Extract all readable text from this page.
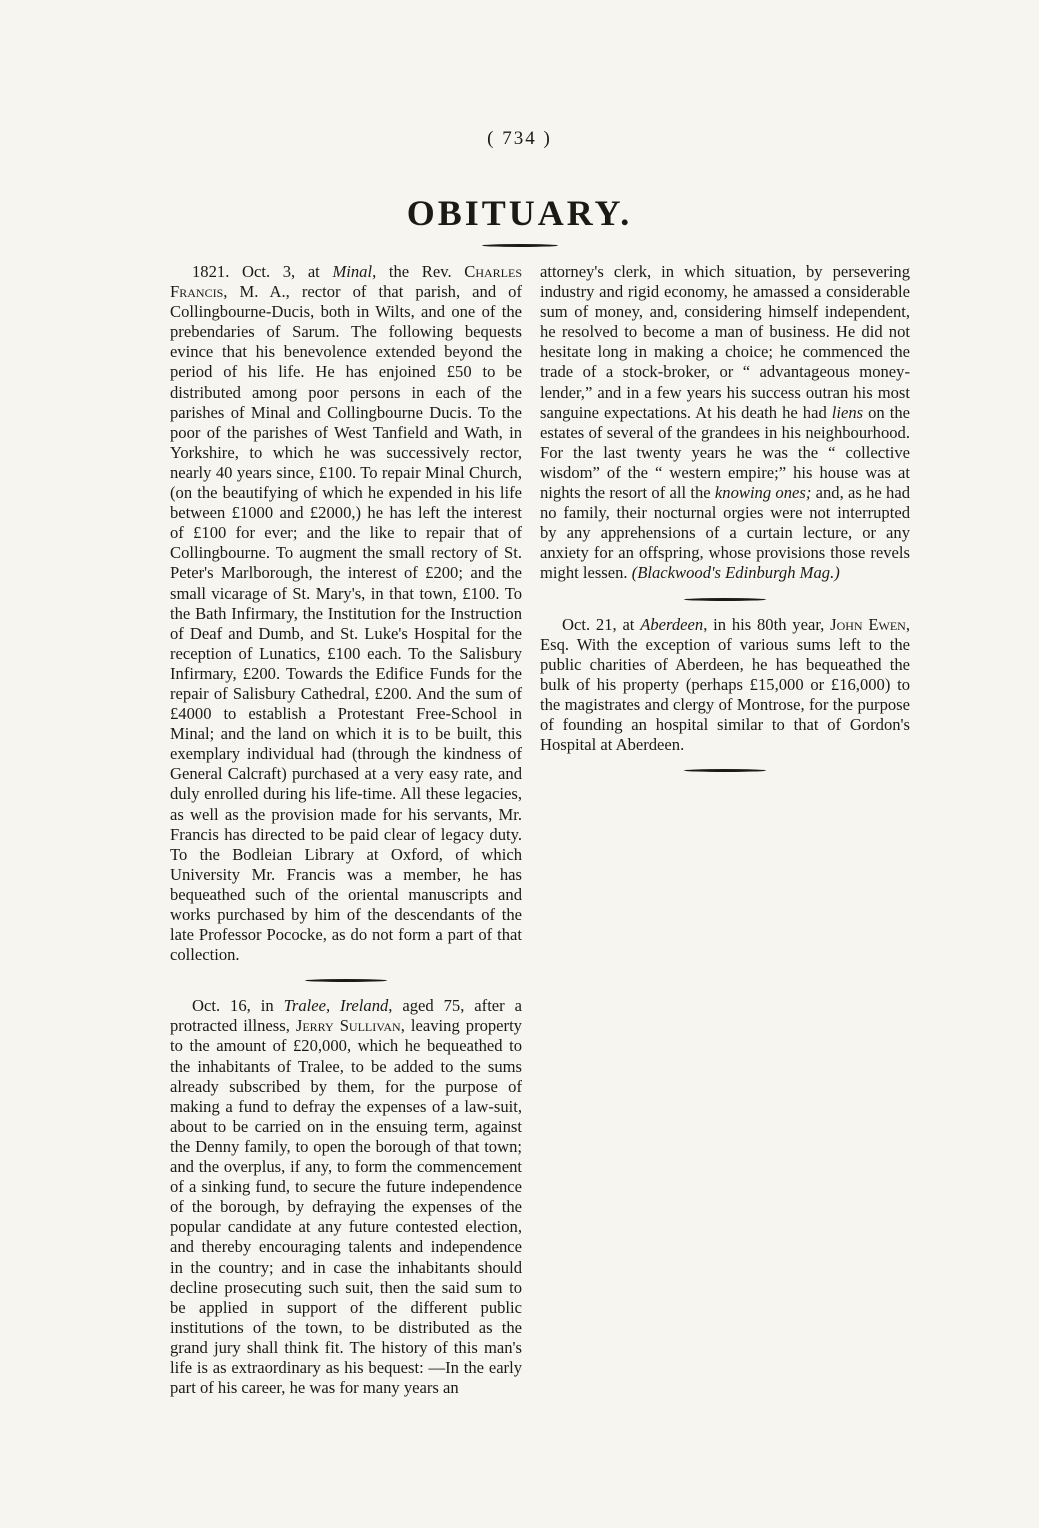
( 734 )
OBITUARY.

1821. Oct. 3, at Minal, the Rev. Charles Francis, M. A., rector of that parish, and of Collingbourne-Ducis, both in Wilts, and one of the prebendaries of Sarum. The following bequests evince that his benevolence extended beyond the period of his life. He has enjoined £50 to be distributed among poor persons in each of the parishes of Minal and Collingbourne Ducis. To the poor of the parishes of West Tanfield and Wath, in Yorkshire, to which he was successively rector, nearly 40 years since, £100. To repair Minal Church, (on the beautifying of which he expended in his life between £1000 and £2000,) he has left the interest of £100 for ever; and the like to repair that of Collingbourne. To augment the small rectory of St. Peter's Marlborough, the interest of £200; and the small vicarage of St. Mary's, in that town, £100. To the Bath Infirmary, the Institution for the Instruction of Deaf and Dumb, and St. Luke's Hospital for the reception of Lunatics, £100 each. To the Salisbury Infirmary, £200. Towards the Edifice Funds for the repair of Salisbury Cathedral, £200. And the sum of £4000 to establish a Protestant Free-School in Minal; and the land on which it is to be built, this exemplary individual had (through the kindness of General Calcraft) purchased at a very easy rate, and duly enrolled during his life-time. All these legacies, as well as the provision made for his servants, Mr. Francis has directed to be paid clear of legacy duty. To the Bodleian Library at Oxford, of which University Mr. Francis was a member, he has bequeathed such of the oriental manuscripts and works purchased by him of the descendants of the late Professor Pococke, as do not form a part of that collection.

Oct. 16, in Tralee, Ireland, aged 75, after a protracted illness, Jerry Sullivan, leaving property to the amount of £20,000, which he bequeathed to the inhabitants of Tralee, to be added to the sums already subscribed by them, for the purpose of making a fund to defray the expenses of a law-suit, about to be carried on in the ensuing term, against the Denny family, to open the borough of that town; and the overplus, if any, to form the commencement of a sinking fund, to secure the future independence of the borough, by defraying the expenses of the popular candidate at any future contested election, and thereby encouraging talents and independence in the country; and in case the inhabitants should decline prosecuting such suit, then the said sum to be applied in support of the different public institutions of the town, to be distributed as the grand jury shall think fit. The history of this man's life is as extraordinary as his bequest: —In the early part of his career, he was for many years an

attorney's clerk, in which situation, by persevering industry and rigid economy, he amassed a considerable sum of money, and, considering himself independent, he resolved to become a man of business. He did not hesitate long in making a choice; he commenced the trade of a stock-broker, or “ advantageous money-lender,” and in a few years his success outran his most sanguine expectations. At his death he had liens on the estates of several of the grandees in his neighbourhood. For the last twenty years he was the “ collective wisdom” of the “ western empire;” his house was at nights the resort of all the knowing ones; and, as he had no family, their nocturnal orgies were not interrupted by any apprehensions of a curtain lecture, or any anxiety for an offspring, whose provisions those revels might lessen. (Blackwood's Edinburgh Mag.)

Oct. 21, at Aberdeen, in his 80th year, John Ewen, Esq. With the exception of various sums left to the public charities of Aberdeen, he has bequeathed the bulk of his property (perhaps £15,000 or £16,000) to the magistrates and clergy of Montrose, for the purpose of founding an hospital similar to that of Gordon's Hospital at Aberdeen.
